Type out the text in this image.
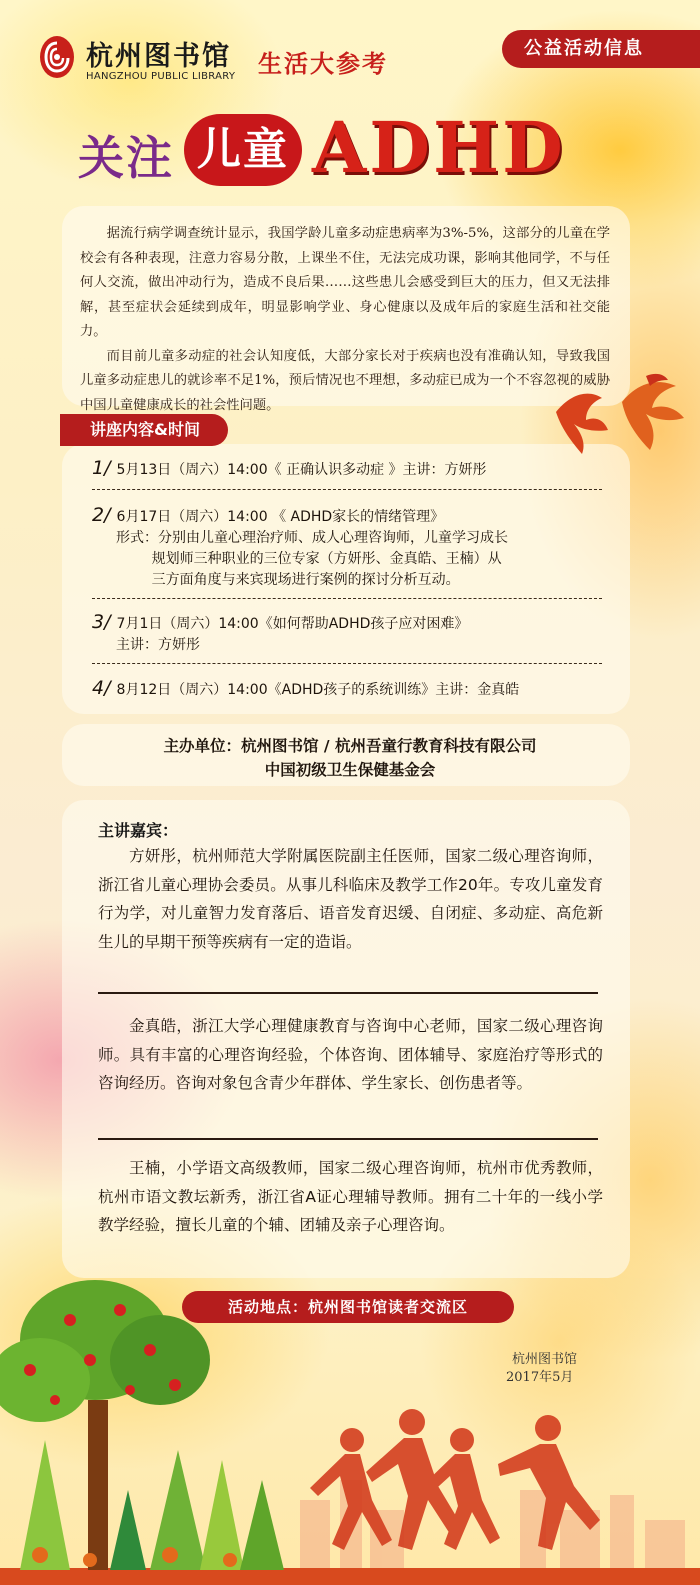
杭州图书馆
HANGZHOU PUBLIC LIBRARY 生活大参考
公益活动信息
关注 儿童 ADHD

据流行病学调查统计显示，我国学龄儿童多动症患病率为3%-5%，这部分的儿童在学校会有各种表现，注意力容易分散，上课坐不住，无法完成功课，影响其他同学，不与任何人交流，做出冲动行为，造成不良后果……这些患儿会感受到巨大的压力，但又无法排解，甚至症状会延续到成年，明显影响学业、身心健康以及成年后的家庭生活和社交能力。

而目前儿童多动症的社会认知度低，大部分家长对于疾病也没有准确认知，导致我国儿童多动症患儿的就诊率不足1%，预后情况也不理想，多动症已成为一个不容忽视的威胁中国儿童健康成长的社会性问题。

讲座内容&时间
1/ 5月13日（周六）14:00《 正确认识多动症 》主讲：方妍彤
2/ 6月17日（周六）14:00 《 ADHD家长的情绪管理》
形式：分别由儿童心理治疗师、成人心理咨询师，儿童学习成长
规划师三种职业的三位专家（方妍彤、金真皓、王楠）从
三方面角度与来宾现场进行案例的探讨分析互动。
3/ 7月1日（周六）14:00《如何帮助ADHD孩子应对困难》
主讲：方妍彤
4/ 8月12日（周六）14:00《ADHD孩子的系统训练》主讲：金真皓
主办单位：杭州图书馆 / 杭州吾童行教育科技有限公司
中国初级卫生保健基金会
主讲嘉宾：

方妍彤，杭州师范大学附属医院副主任医师，国家二级心理咨询师，浙江省儿童心理协会委员。从事儿科临床及教学工作20年。专攻儿童发育行为学，对儿童智力发育落后、语音发育迟缓、自闭症、多动症、高危新生儿的早期干预等疾病有一定的造诣。

金真皓，浙江大学心理健康教育与咨询中心老师，国家二级心理咨询师。具有丰富的心理咨询经验，个体咨询、团体辅导、家庭治疗等形式的咨询经历。咨询对象包含青少年群体、学生家长、创伤患者等。

王楠，小学语文高级教师，国家二级心理咨询师，杭州市优秀教师，杭州市语文教坛新秀，浙江省A证心理辅导教师。拥有二十年的一线小学教学经验，擅长儿童的个辅、团辅及亲子心理咨询。

活动地点：杭州图书馆读者交流区
杭州图书馆
2017年5月
